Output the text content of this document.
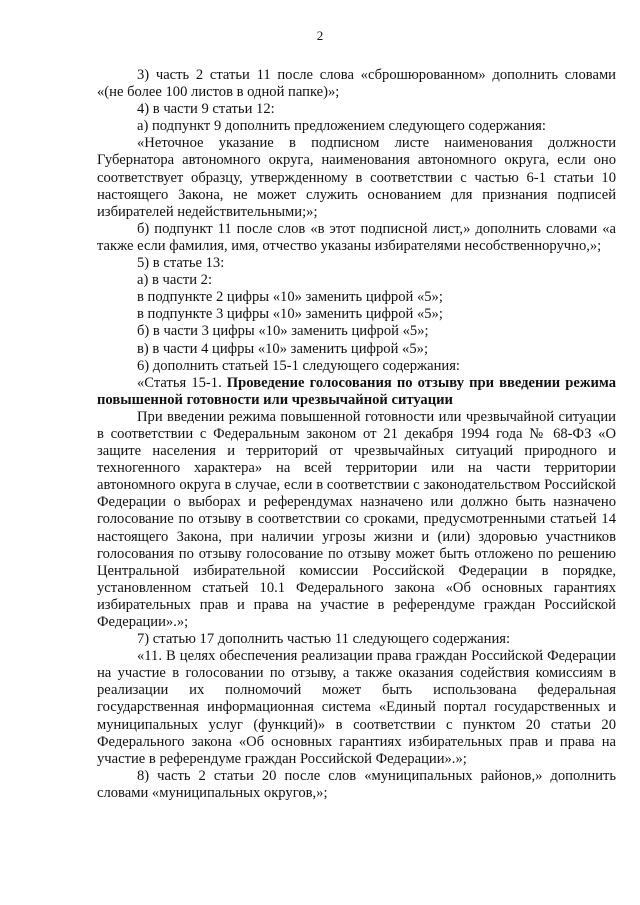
2

3) часть 2 статьи 11 после слова «сброшюрованном» дополнить словами «(не более 100 листов в одной папке)»;

4) в части 9 статьи 12:

а) подпункт 9 дополнить предложением следующего содержания:

«Неточное указание в подписном листе наименования должности Губернатора автономного округа, наименования автономного округа, если оно соответствует образцу, утвержденному в соответствии с частью 6-1 статьи 10 настоящего Закона, не может служить основанием для признания подписей избирателей недействительными;»;

б) подпункт 11 после слов «в этот подписной лист,» дополнить словами «а также если фамилия, имя, отчество указаны избирателями несобственноручно,»;

5) в статье 13:

а) в части 2:

в подпункте 2 цифры «10» заменить цифрой «5»;

в подпункте 3 цифры «10» заменить цифрой «5»;

б) в части 3 цифры «10» заменить цифрой «5»;

в) в части 4 цифры «10» заменить цифрой «5»;

6) дополнить статьей 15-1 следующего содержания:

«Статья 15-1. Проведение голосования по отзыву при введении режима повышенной готовности или чрезвычайной ситуации

При введении режима повышенной готовности или чрезвычайной ситуации в соответствии с Федеральным законом от 21 декабря 1994 года № 68-ФЗ «О защите населения и территорий от чрезвычайных ситуаций природного и техногенного характера» на всей территории или на части территории автономного округа в случае, если в соответствии с законодательством Российской Федерации о выборах и референдумах назначено или должно быть назначено голосование по отзыву в соответствии со сроками, предусмотренными статьей 14 настоящего Закона, при наличии угрозы жизни и (или) здоровью участников голосования по отзыву голосование по отзыву может быть отложено по решению Центральной избирательной комиссии Российской Федерации в порядке, установленном статьей 10.1 Федерального закона «Об основных гарантиях избирательных прав и права на участие в референдуме граждан Российской Федерации».»;

7) статью 17 дополнить частью 11 следующего содержания:

«11. В целях обеспечения реализации права граждан Российской Федерации на участие в голосовании по отзыву, а также оказания содействия комиссиям в реализации их полномочий может быть использована федеральная государственная информационная система «Единый портал государственных и муниципальных услуг (функций)» в соответствии с пунктом 20 статьи 20 Федерального закона «Об основных гарантиях избирательных прав и права на участие в референдуме граждан Российской Федерации».»;

8) часть 2 статьи 20 после слов «муниципальных районов,» дополнить словами «муниципальных округов,»;
